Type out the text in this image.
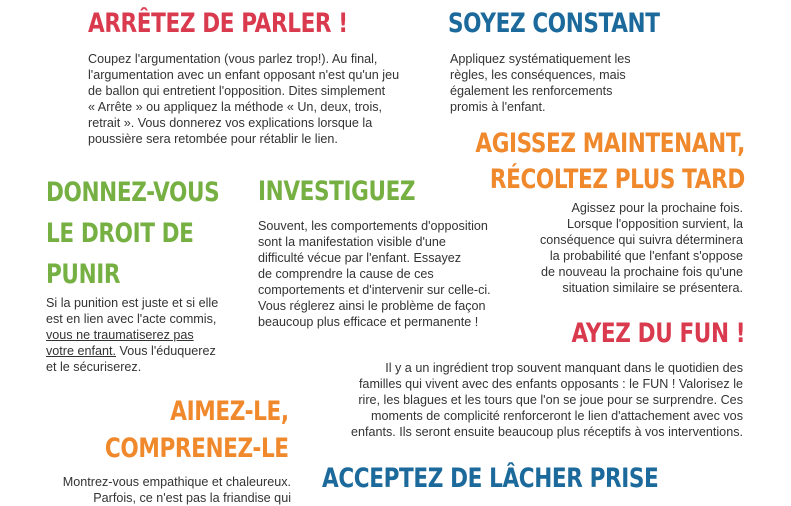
ARRÊTEZ DE PARLER !
Coupez l'argumentation (vous parlez trop!). Au final,
l'argumentation avec un enfant opposant n'est qu'un jeu
de ballon qui entretient l'opposition. Dites simplement
« Arrête » ou appliquez la méthode « Un, deux, trois,
retrait ». Vous donnerez vos explications lorsque la
poussière sera retombée pour rétablir le lien.
SOYEZ CONSTANT
Appliquez systématiquement les
règles, les conséquences, mais
également les renforcements
promis à l'enfant.
AGISSEZ MAINTENANT,
RÉCOLTEZ PLUS TARD
Agissez pour la prochaine fois.
Lorsque l'opposition survient, la
conséquence qui suivra déterminera
la probabilité que l'enfant s'oppose
de nouveau la prochaine fois qu'une
situation similaire se présentera.
DONNEZ-VOUS
LE DROIT DE
PUNIR
Si la punition est juste et si elle
est en lien avec l'acte commis,
vous ne traumatiserez pas
votre enfant. Vous l'éduquerez
et le sécuriserez.
INVESTIGUEZ
Souvent, les comportements d'opposition
sont la manifestation visible d'une
difficulté vécue par l'enfant. Essayez
de comprendre la cause de ces
comportements et d'intervenir sur celle-ci.
Vous réglerez ainsi le problème de façon
beaucoup plus efficace et permanente !	AYEZ DU FUN !
Il y a un ingrédient trop souvent manquant dans le quotidien des
familles qui vivent avec des enfants opposants : le FUN ! Valorisez le
rire, les blagues et les tours que l'on se joue pour se surprendre. Ces
moments de complicité renforceront le lien d'attachement avec vos
enfants. Ils seront ensuite beaucoup plus réceptifs à vos interventions.
AIMEZ-LE,
COMPRENEZ-LE
Montrez-vous empathique et chaleureux.
Parfois, ce n'est pas la friandise qui
ACCEPTEZ DE LÂCHER PRISE
